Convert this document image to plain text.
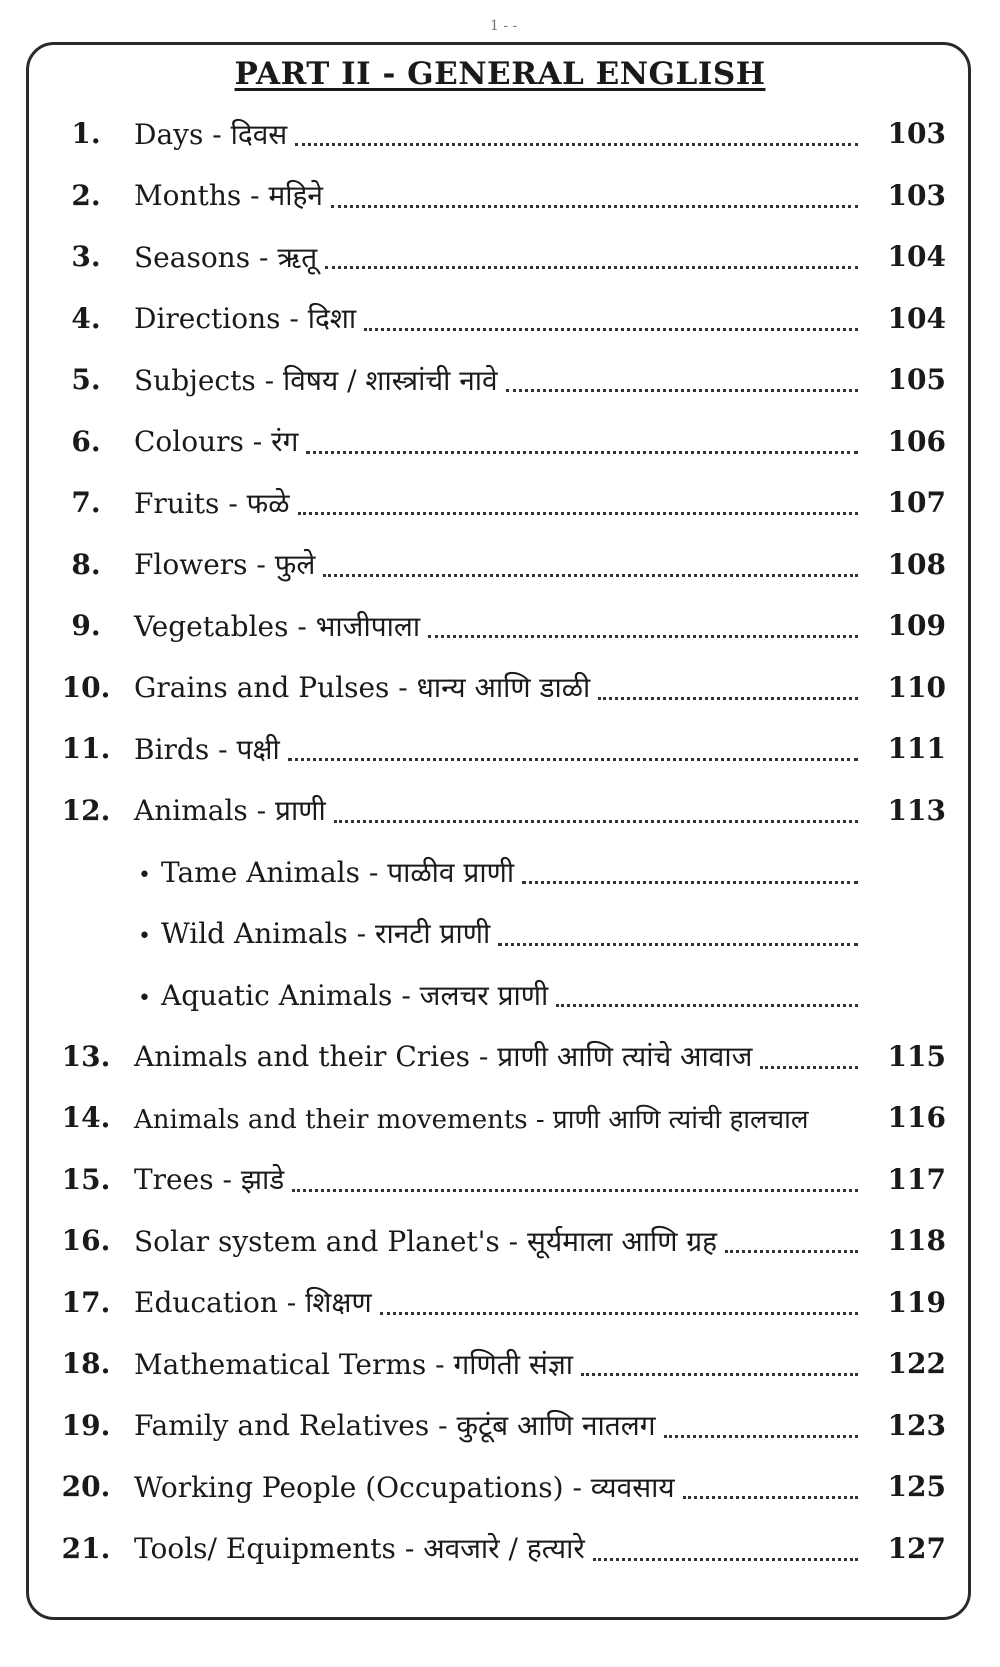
1 - -
PART II - GENERAL ENGLISH
1.	Days - दिवस	103
2.	Months - महिने	103
3.	Seasons - ऋतू	104
4.	Directions - दिशा	104
5.	Subjects - विषय / शास्त्रांची नावे	105
6.	Colours - रंग	106
7.	Fruits - फळे	107
8.	Flowers - फुले	108
9.	Vegetables - भाजीपाला	109
10. Grains and Pulses - धान्य आणि डाळी	110
11. Birds - पक्षी	111
12. Animals - प्राणी	113
• Tame Animals - पाळीव प्राणी
• Wild Animals - रानटी प्राणी
• Aquatic Animals - जलचर प्राणी
13. Animals and their Cries - प्राणी आणि त्यांचे आवाज	115
14. Animals and their movements - प्राणी आणि त्यांची हालचाल	116
15. Trees - झाडे	117
16. Solar system and Planet's - सूर्यमाला आणि ग्रह	118
17. Education - शिक्षण	119
18. Mathematical Terms - गणिती संज्ञा	122
19. Family and Relatives - कुटूंब आणि नातलग	123
20. Working People (Occupations) - व्यवसाय	125
21. Tools/ Equipments - अवजारे / हत्यारे	127
